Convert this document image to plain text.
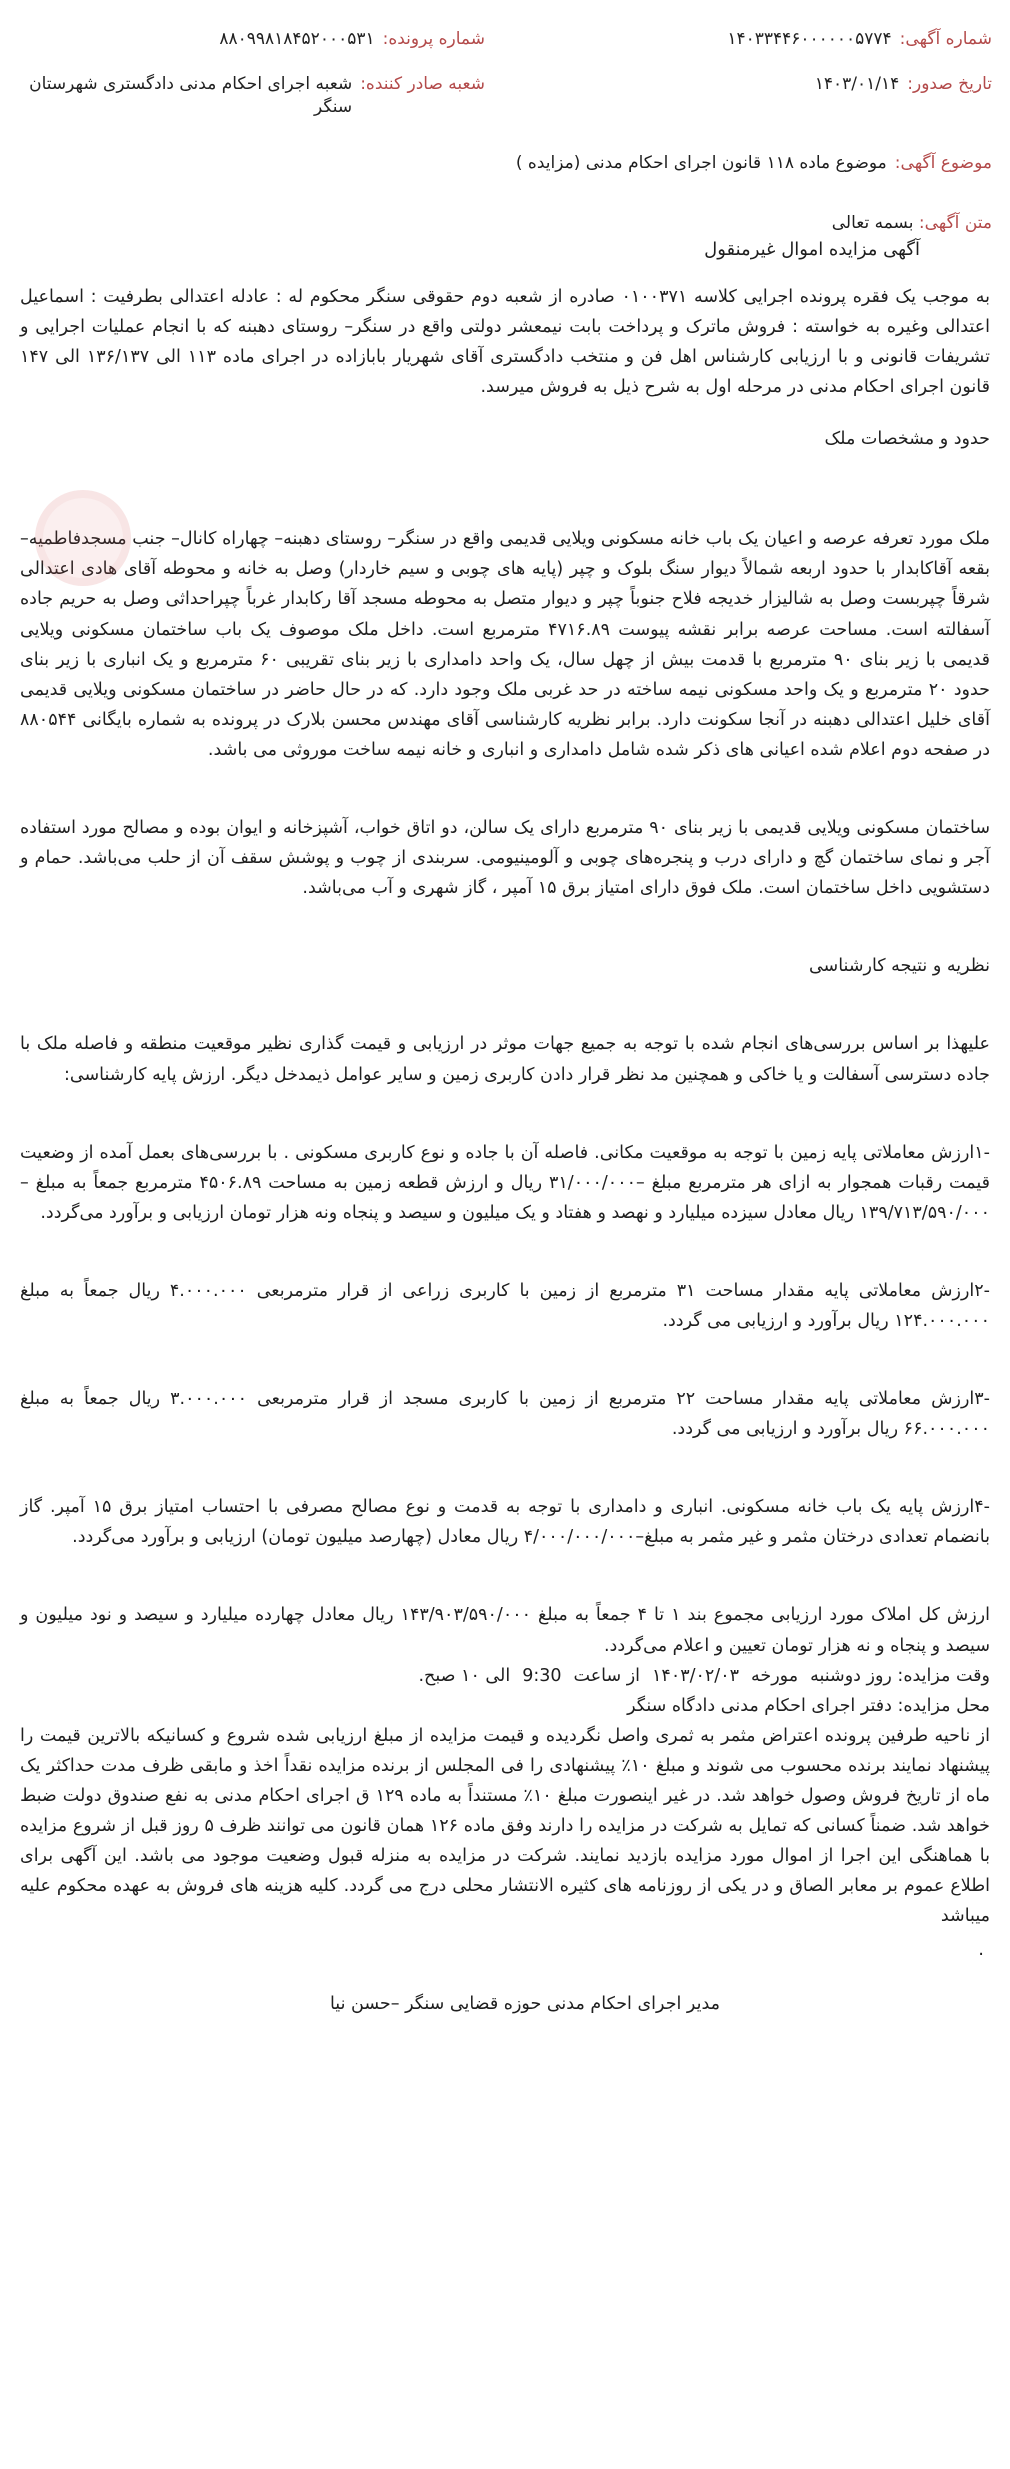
شماره آگهی:
۱۴۰۳۳۴۴۶۰۰۰۰۰۰۵۷۷۴
شماره پرونده:
۸۸۰۹۹۸۱۸۴۵۲۰۰۰۵۳۱
تاریخ صدور:
۱۴۰۳/۰۱/۱۴
شعبه صادر کننده:
شعبه اجرای احکام مدنی دادگستری شهرستان سنگر
موضوع آگهی:
موضوع ماده ۱۱۸ قانون اجرای احکام مدنی (مزایده )
متن آگهی: بسمه تعالی
آگهی مزایده اموال غیرمنقول

به موجب یک فقره پرونده اجرایی کلاسه ۰۱۰۰۳۷۱ صادره از شعبه دوم حقوقی سنگر محکوم له : عادله اعتدالی بطرفیت : اسماعیل اعتدالی وغیره به خواسته : فروش ماترک و پرداخت بابت نیمعشر دولتی واقع در سنگر– روستای دهبنه که با انجام عملیات اجرایی و تشریفات قانونی و با ارزیابی کارشناس اهل فن و منتخب دادگستری آقای شهریار بابازاده در اجرای ماده ۱۱۳ الی ۱۳۶/۱۳۷ الی ۱۴۷ قانون اجرای احکام مدنی در مرحله اول به شرح ذیل به فروش میرسد.

حدود و مشخصات ملک

ملک مورد تعرفه عرصه و اعیان یک باب خانه مسکونی ویلایی قدیمی واقع در سنگر– روستای دهبنه– چهاراه کانال– جنب مسجدفاطمیه– بقعه آقاکابدار با حدود اربعه شمالاً دیوار سنگ بلوک و چپر (پایه های چوبی و سیم خاردار) وصل به خانه و محوطه آقای هادی اعتدالی شرقاً چپربست وصل به شالیزار خدیجه فلاح جنوباً چپر و دیوار متصل به محوطه مسجد آقا رکابدار غرباً چپراحداثی وصل به حریم جاده آسفالته است. مساحت عرصه برابر نقشه پیوست ۴۷۱۶.۸۹ مترمربع است. داخل ملک موصوف یک باب ساختمان مسکونی ویلایی قدیمی با زیر بنای ۹۰ مترمربع با قدمت بیش از چهل سال، یک واحد دامداری با زیر بنای تقریبی ۶۰ مترمربع و یک انباری با زیر بنای حدود ۲۰ مترمربع و یک واحد مسکونی نیمه ساخته در حد غربی ملک وجود دارد. که در حال حاضر در ساختمان مسکونی ویلایی قدیمی آقای خلیل اعتدالی دهبنه در آنجا سکونت دارد. برابر نظریه کارشناسی آقای مهندس محسن بلارک در پرونده به شماره بایگانی ۸۸۰۵۴۴ در صفحه دوم اعلام شده اعیانی های ذکر شده شامل دامداری و انباری و خانه نیمه ساخت موروثی می باشد.

ساختمان مسکونی ویلایی قدیمی با زیر بنای ۹۰ مترمربع دارای یک سالن، دو اتاق خواب، آشپزخانه و ایوان بوده و مصالح مورد استفاده آجر و نمای ساختمان گچ و دارای درب و پنجره‌های چوبی و آلومینیومی. سربندی از چوب و پوشش سقف آن از حلب می‌باشد. حمام و دستشویی داخل ساختمان است. ملک فوق دارای امتیاز برق ۱۵ آمپر ، گاز شهری و آب می‌باشد.

نظریه و نتیجه کارشناسی

علیهذا بر اساس بررسی‌های انجام شده با توجه به جمیع جهات موثر در ارزیابی و قیمت گذاری نظیر موقعیت منطقه و فاصله ملک با جاده دسترسی آسفالت و یا خاکی و همچنین مد نظر قرار دادن کاربری زمین و سایر عوامل ذیمدخل دیگر. ارزش پایه کارشناسی:

-۱ارزش معاملاتی پایه زمین با توجه به موقعیت مکانی. فاصله آن با جاده و نوع کاربری مسکونی . با بررسی‌های بعمل آمده از وضعیت قیمت رقبات همجوار به ازای هر مترمربع مبلغ –۳۱/۰۰۰/۰۰۰ ریال و ارزش قطعه زمین به مساحت ۴۵۰۶.۸۹ مترمربع جمعاً به مبلغ –۱۳۹/۷۱۳/۵۹۰/۰۰۰ ریال معادل سیزده میلیارد و نهصد و هفتاد و یک میلیون و سیصد و پنجاه ونه هزار تومان ارزیابی و برآورد می‌گردد.

-۲ارزش معاملاتی پایه مقدار مساحت ۳۱ مترمربع از زمین با کاربری زراعی از قرار مترمربعی ۴.۰۰۰.۰۰۰ ریال جمعاً به مبلغ ۱۲۴.۰۰۰.۰۰۰ ریال برآورد و ارزیابی می گردد.

-۳ارزش معاملاتی پایه مقدار مساحت ۲۲ مترمربع از زمین با کاربری مسجد از قرار مترمربعی ۳.۰۰۰.۰۰۰ ریال جمعاً به مبلغ ۶۶.۰۰۰.۰۰۰ ریال برآورد و ارزیابی می گردد.

-۴ارزش پایه یک باب خانه مسکونی. انباری و دامداری با توجه به قدمت و نوع مصالح مصرفی با احتساب امتیاز برق ۱۵ آمپر. گاز بانضمام تعدادی درختان مثمر و غیر مثمر به مبلغ–۴/۰۰۰/۰۰۰/۰۰۰ ریال معادل (چهارصد میلیون تومان) ارزیابی و برآورد می‌گردد.

ارزش کل املاک مورد ارزیابی مجموع بند ۱ تا ۴ جمعاً به مبلغ ۱۴۳/۹۰۳/۵۹۰/۰۰۰ ریال معادل چهارده میلیارد و سیصد و نود میلیون و سیصد و پنجاه و نه هزار تومان تعیین و اعلام می‌گردد.

وقت مزایده: روز دوشنبه
مورخه
۱۴۰۳/۰۲/۰۳
از ساعت
9:30
الی ۱۰ صبح.

محل مزایده: دفتر اجرای احکام مدنی دادگاه سنگر

از ناحیه طرفین پرونده اعتراض مثمر به ثمری واصل نگردیده و قیمت مزایده از مبلغ ارزیابی شده شروع و کسانیکه بالاترین قیمت را پیشنهاد نمایند برنده محسوب می شوند و مبلغ ۱۰٪ پیشنهادی را فی المجلس از برنده مزایده نقداً اخذ و مابقی ظرف مدت حداکثر یک ماه از تاریخ فروش وصول خواهد شد. در غیر اینصورت مبلغ ۱۰٪ مستنداً به ماده ۱۲۹ ق اجرای احکام مدنی به نفع صندوق دولت ضبط خواهد شد. ضمناً کسانی که تمایل به شرکت در مزایده را دارند وفق ماده ۱۲۶ همان قانون می توانند ظرف ۵ روز قبل از شروع مزایده با هماهنگی این اجرا از اموال مورد مزایده بازدید نمایند. شرکت در مزایده به منزله قبول وضعیت موجود می باشد. این آگهی برای اطلاع عموم بر معابر الصاق و در یکی از روزنامه های کثیره الانتشار محلی درج می گردد. کلیه هزینه های فروش به عهده محکوم علیه میباشد

.
مدیر اجرای احکام مدنی حوزه قضایی سنگر –حسن نیا
